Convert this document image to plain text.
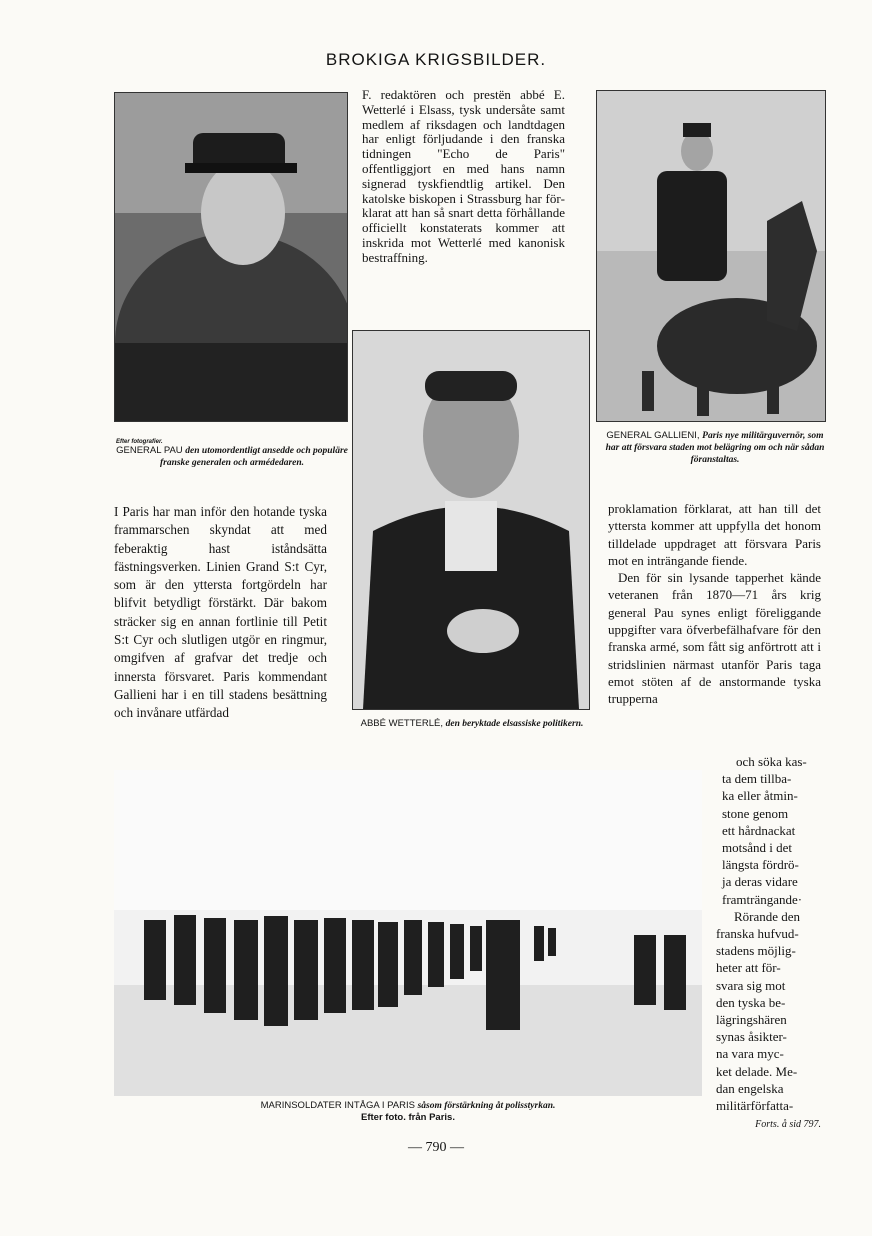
BROKIGA KRIGSBILDER.
Efter fotografier.
GENERAL PAU den utomordentligt ansedde och populäre franske generalen och armédedaren.
F. redaktören och prestën abbé E. Wetterlé i Elsass, tysk undersåte samt medlem af riksdagen och landtdagen har enligt förljudande i den franska tidningen "Echo de Paris" offentliggjort en med hans namn signerad tyskfiendtlig artikel. Den katolske biskopen i Strassburg har förklarat att han så snart detta förhållande officiellt konstaterats kommer att inskrida mot Wetterlé med kanonisk bestraffning.
ABBÉ WETTERLÉ, den beryktade elsassiske politikern.
GENERAL GALLIENI, Paris nye militärguvernör, som har att försvara staden mot belägring om och när sådan föranstaltas.
I Paris har man inför den hotande tyska frammarschen skyndat att med feberaktig hast iståndsätta fästningsverken. Linien Grand S:t Cyr, som är den yttersta fortgördeln har blifvit betydligt förstärkt. Där bakom sträcker sig en annan fortlinie till Petit S:t Cyr och slutligen utgör en ringmur, omgifven af grafvar det tredje och innersta försvaret. Paris kommendant Gallieni har i en till stadens besättning och invånare utfärdad

proklamation förklarat, att han till det yttersta kommer att uppfylla det honom tilldelade uppdraget att försvara Paris mot en inträngande fiende.

Den för sin lysande tapperhet kände veteranen från 1870—71 års krig general Pau synes enligt föreliggande uppgifter vara öfverbefälhafvare för den franska armé, som fått sig anförtrott att i stridslinien närmast utanför Paris taga emot stöten af de anstormande tyska trupperna

och söka kas-
ta dem tillba-
ka eller åtmin-
stone genom
ett hårdnackat
motsånd i det
längsta fördrö-
ja deras vidare
framträngande·
Rörande den
franska hufvud-
stadens möjlig-
heter att för-
svara sig mot
den tyska be-
lägringshären
synas åsikter-
na vara myc-
ket delade. Me-
dan engelska
militärförfatta-
Forts. å sid 797.
MARINSOLDATER INTÅGA I PARIS såsom förstärkning åt polisstyrkan.
Efter foto. från Paris.
— 790 —
